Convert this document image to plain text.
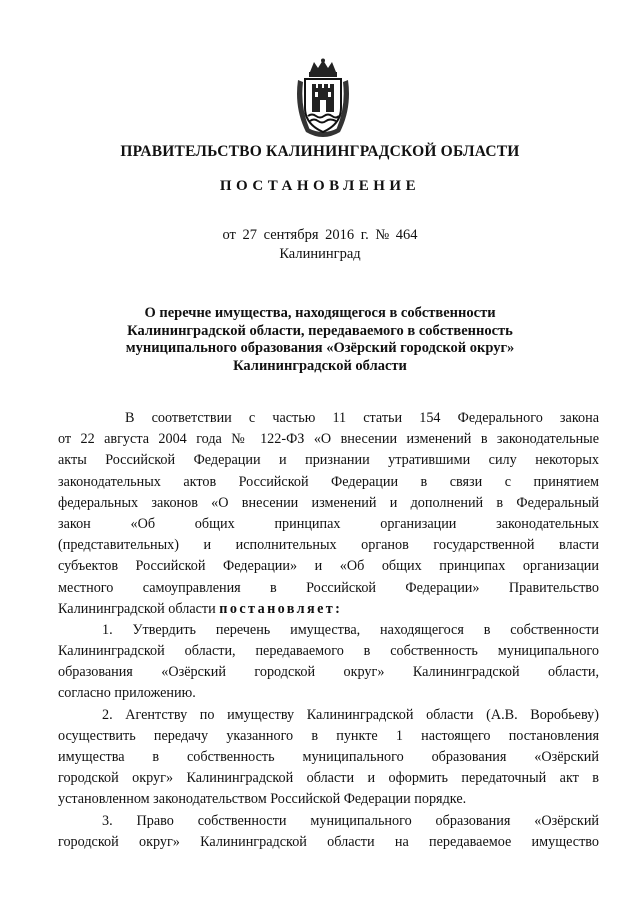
ПРАВИТЕЛЬСТВО КАЛИНИНГРАДСКОЙ ОБЛАСТИ
ПОСТАНОВЛЕНИЕ
от 27 сентября 2016 г. № 464
Калининград
О перечне имущества, находящегося в собственности
Калининградской области, передаваемого в собственность
муниципального образования «Озёрский городской округ»
Калининградской области
В соответствии с частью 11 статьи 154 Федерального закона
от 22 августа 2004 года № 122-ФЗ «О внесении изменений в законодательные
акты Российской Федерации и признании утратившими силу некоторых
законодательных актов Российской Федерации в связи с принятием
федеральных законов «О внесении изменений и дополнений в Федеральный
закон «Об общих принципах организации законодательных
(представительных) и исполнительных органов государственной власти
субъектов Российской Федерации» и «Об общих принципах организации
местного самоуправления в Российской Федерации» Правительство
Калининградской области постановляет:
1. Утвердить перечень имущества, находящегося в собственности
Калининградской области, передаваемого в собственность муниципального
образования «Озёрский городской округ» Калининградской области,
согласно приложению.
2. Агентству по имуществу Калининградской области (А.В. Воробьеву)
осуществить передачу указанного в пункте 1 настоящего постановления
имущества в собственность муниципального образования «Озёрский
городской округ» Калининградской области и оформить передаточный акт в
установленном законодательством Российской Федерации порядке.
3. Право собственности муниципального образования «Озёрский
городской округ» Калининградской области на передаваемое имущество
